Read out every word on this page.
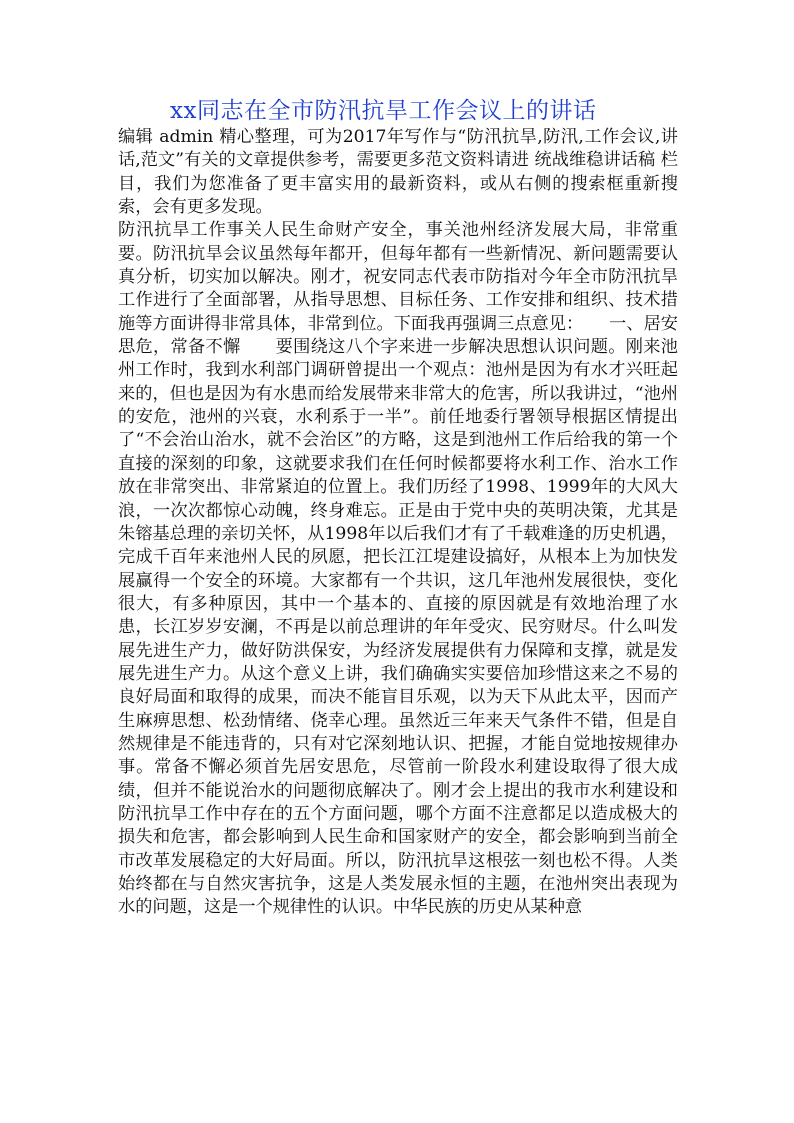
xx同志在全市防汛抗旱工作会议上的讲话

编辑 admin 精心整理，可为2017年写作与“防汛抗旱,防汛,工作会议,讲话,范文”有关的文章提供参考，需要更多范文资料请进 统战维稳讲话稿 栏目，我们为您准备了更丰富实用的最新资料，或从右侧的搜索框重新搜索，会有更多发现。

防汛抗旱工作事关人民生命财产安全，事关池州经济发展大局，非常重要。防汛抗旱会议虽然每年都开，但每年都有一些新情况、新问题需要认真分析，切实加以解决。刚才，祝安同志代表市防指对今年全市防汛抗旱工作进行了全面部署，从指导思想、目标任务、工作安排和组织、技术措施等方面讲得非常具体，非常到位。下面我再强调三点意见：　　一、居安思危，常备不懈　　要围绕这八个字来进一步解决思想认识问题。刚来池州工作时，我到水利部门调研曾提出一个观点：池州是因为有水才兴旺起来的，但也是因为有水患而给发展带来非常大的危害，所以我讲过，“池州的安危，池州的兴衰，水利系于一半”。前任地委行署领导根据区情提出了“不会治山治水，就不会治区”的方略，这是到池州工作后给我的第一个直接的深刻的印象，这就要求我们在任何时候都要将水利工作、治水工作放在非常突出、非常紧迫的位置上。我们历经了1998、1999年的大风大浪，一次次都惊心动魄，终身难忘。正是由于党中央的英明决策，尤其是朱镕基总理的亲切关怀，从1998年以后我们才有了千载难逢的历史机遇，完成千百年来池州人民的夙愿，把长江江堤建设搞好，从根本上为加快发展赢得一个安全的环境。大家都有一个共识，这几年池州发展很快，变化很大，有多种原因，其中一个基本的、直接的原因就是有效地治理了水患，长江岁岁安澜，不再是以前总理讲的年年受灾、民穷财尽。什么叫发展先进生产力，做好防洪保安，为经济发展提供有力保障和支撑，就是发展先进生产力。从这个意义上讲，我们确确实实要倍加珍惜这来之不易的良好局面和取得的成果，而决不能盲目乐观，以为天下从此太平，因而产生麻痹思想、松劲情绪、侥幸心理。虽然近三年来天气条件不错，但是自然规律是不能违背的，只有对它深刻地认识、把握，才能自觉地按规律办事。常备不懈必须首先居安思危，尽管前一阶段水利建设取得了很大成绩，但并不能说治水的问题彻底解决了。刚才会上提出的我市水利建设和防汛抗旱工作中存在的五个方面问题，哪个方面不注意都足以造成极大的损失和危害，都会影响到人民生命和国家财产的安全，都会影响到当前全市改革发展稳定的大好局面。所以，防汛抗旱这根弦一刻也松不得。人类始终都在与自然灾害抗争，这是人类发展永恒的主题，在池州突出表现为水的问题，这是一个规律性的认识。中华民族的历史从某种意
